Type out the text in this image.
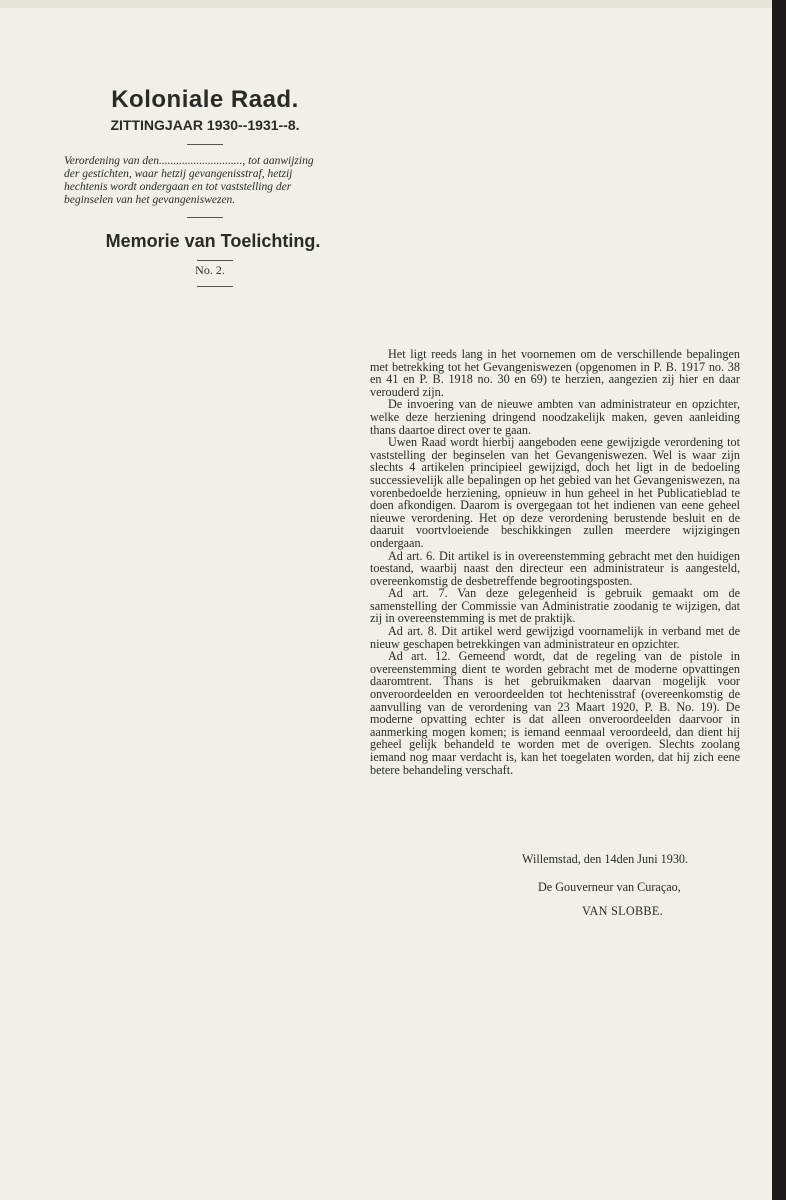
Koloniale Raad.
ZITTINGJAAR 1930--1931--8.
Verordening van den............................., tot aanwijzing der gestichten, waar hetzij gevangenisstraf, hetzij hechtenis wordt ondergaan en tot vaststelling der beginselen van het gevangeniswezen.
Memorie van Toelichting.
No. 2.

Het ligt reeds lang in het voornemen om de verschillende bepalingen met betrekking tot het Gevangeniswezen (opgenomen in P. B. 1917 no. 38 en 41 en P. B. 1918 no. 30 en 69) te herzien, aangezien zij hier en daar verouderd zijn.

De invoering van de nieuwe ambten van administrateur en opzichter, welke deze herziening dringend noodzakelijk maken, geven aanleiding thans daartoe direct over te gaan.

Uwen Raad wordt hierbij aangeboden eene gewijzigde verordening tot vaststelling der beginselen van het Gevangeniswezen. Wel is waar zijn slechts 4 artikelen principieel gewijzigd, doch het ligt in de bedoeling successievelijk alle bepalingen op het gebied van het Gevangeniswezen, na vorenbedoelde herziening, opnieuw in hun geheel in het Publicatieblad te doen afkondigen. Daarom is overgegaan tot het indienen van eene geheel nieuwe verordening. Het op deze verordening berustende besluit en de daaruit voortvloeiende beschikkingen zullen meerdere wijzigingen ondergaan.

Ad art. 6. Dit artikel is in overeenstemming gebracht met den huidigen toestand, waarbij naast den directeur een administrateur is aangesteld, overeenkomstig de desbetreffende begrootingsposten.

Ad art. 7. Van deze gelegenheid is gebruik gemaakt om de samenstelling der Commissie van Administratie zoodanig te wijzigen, dat zij in overeenstemming is met de praktijk.

Ad art. 8. Dit artikel werd gewijzigd voornamelijk in verband met de nieuw geschapen betrekkingen van administrateur en opzichter.

Ad art. 12. Gemeend wordt, dat de regeling van de pistole in overeenstemming dient te worden gebracht met de moderne opvattingen daaromtrent. Thans is het gebruikmaken daarvan mogelijk voor onveroordeelden en veroordeelden tot hechtenisstraf (overeenkomstig de aanvulling van de verordening van 23 Maart 1920, P. B. No. 19). De moderne opvatting echter is dat alleen onveroordeelden daarvoor in aanmerking mogen komen; is iemand eenmaal veroordeeld, dan dient hij geheel gelijk behandeld te worden met de overigen. Slechts zoolang iemand nog maar verdacht is, kan het toegelaten worden, dat hij zich eene betere behandeling verschaft.

Willemstad, den 14den Juni 1930.
De Gouverneur van Curaçao,
VAN SLOBBE.
